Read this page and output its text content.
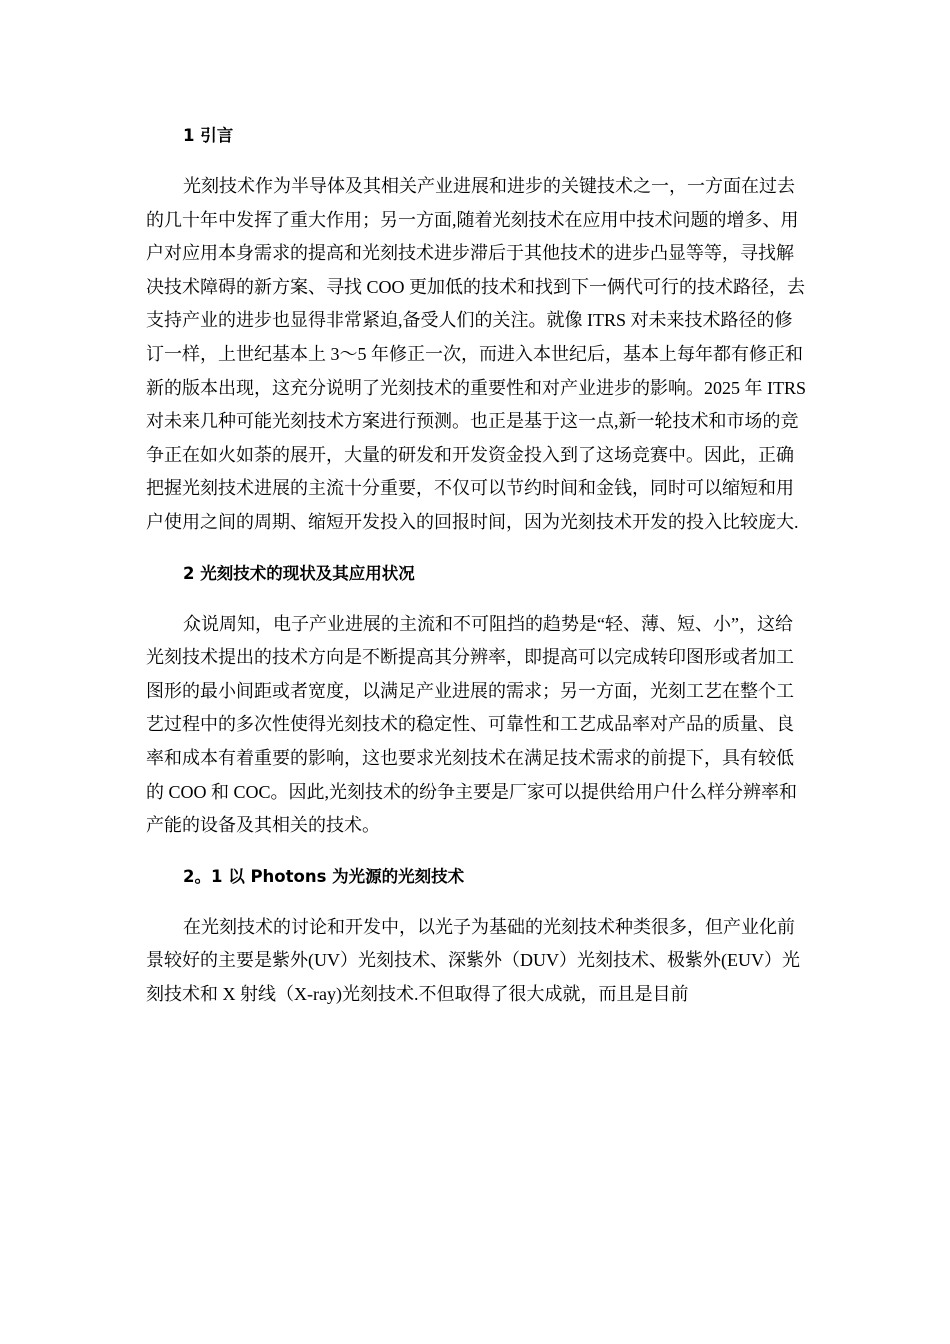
1 引言

光刻技术作为半导体及其相关产业进展和进步的关键技术之一，一方面在过去的几十年中发挥了重大作用；另一方面,随着光刻技术在应用中技术问题的增多、用户对应用本身需求的提高和光刻技术进步滞后于其他技术的进步凸显等等，寻找解决技术障碍的新方案、寻找 COO 更加低的技术和找到下一俩代可行的技术路径，去支持产业的进步也显得非常紧迫,备受人们的关注。就像 ITRS 对未来技术路径的修订一样，上世纪基本上 3～5 年修正一次，而进入本世纪后，基本上每年都有修正和新的版本出现，这充分说明了光刻技术的重要性和对产业进步的影响。2025 年 ITRS 对未来几种可能光刻技术方案进行预测。也正是基于这一点,新一轮技术和市场的竞争正在如火如荼的展开，大量的研发和开发资金投入到了这场竞赛中。因此，正确把握光刻技术进展的主流十分重要，不仅可以节约时间和金钱，同时可以缩短和用户使用之间的周期、缩短开发投入的回报时间，因为光刻技术开发的投入比较庞大.

2 光刻技术的现状及其应用状况

众说周知，电子产业进展的主流和不可阻挡的趋势是“轻、薄、短、小”，这给光刻技术提出的技术方向是不断提高其分辨率，即提高可以完成转印图形或者加工图形的最小间距或者宽度，以满足产业进展的需求；另一方面，光刻工艺在整个工艺过程中的多次性使得光刻技术的稳定性、可靠性和工艺成品率对产品的质量、良率和成本有着重要的影响，这也要求光刻技术在满足技术需求的前提下，具有较低的 COO 和 COC。因此,光刻技术的纷争主要是厂家可以提供给用户什么样分辨率和产能的设备及其相关的技术。

2。1 以 Photons 为光源的光刻技术

在光刻技术的讨论和开发中，以光子为基础的光刻技术种类很多，但产业化前景较好的主要是紫外(UV）光刻技术、深紫外（DUV）光刻技术、极紫外(EUV）光刻技术和 X 射线（X-ray)光刻技术.不但取得了很大成就，而且是目前
